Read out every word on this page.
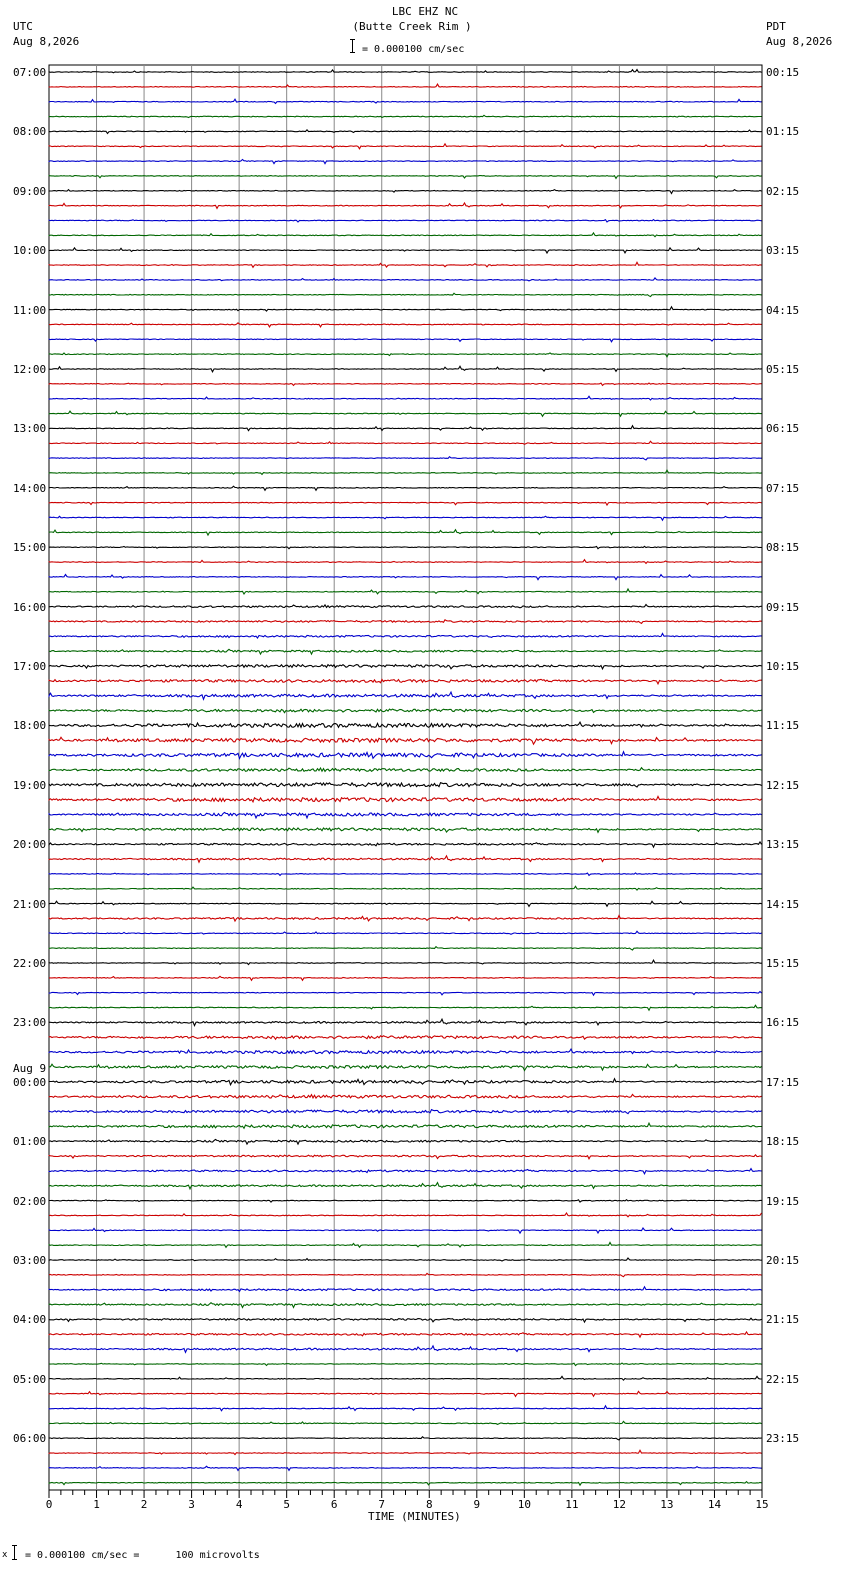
0	1	2	3	4	5	6	7	8	9	10	11	12	13	14	15
LBC EHZ NC
(Butte Creek Rim )
= 0.000100 cm/sec
UTC
Aug 8,2026
PDT
Aug 8,2026
TIME (MINUTES)
x = 0.000100 cm/sec =      100 microvolts
07:00
08:00
09:00
10:00
11:00
12:00
13:00
14:00
15:00
16:00
17:00
18:00
19:00
20:00
21:00
22:00
23:00
00:00
01:00
02:00
03:00
04:00
05:00
06:00
00:15
01:15
02:15
03:15
04:15
05:15
06:15
07:15
08:15
09:15
10:15
11:15
12:15
13:15
14:15
15:15
16:15
17:15
18:15
19:15
20:15
21:15
22:15
23:15
Aug 9
